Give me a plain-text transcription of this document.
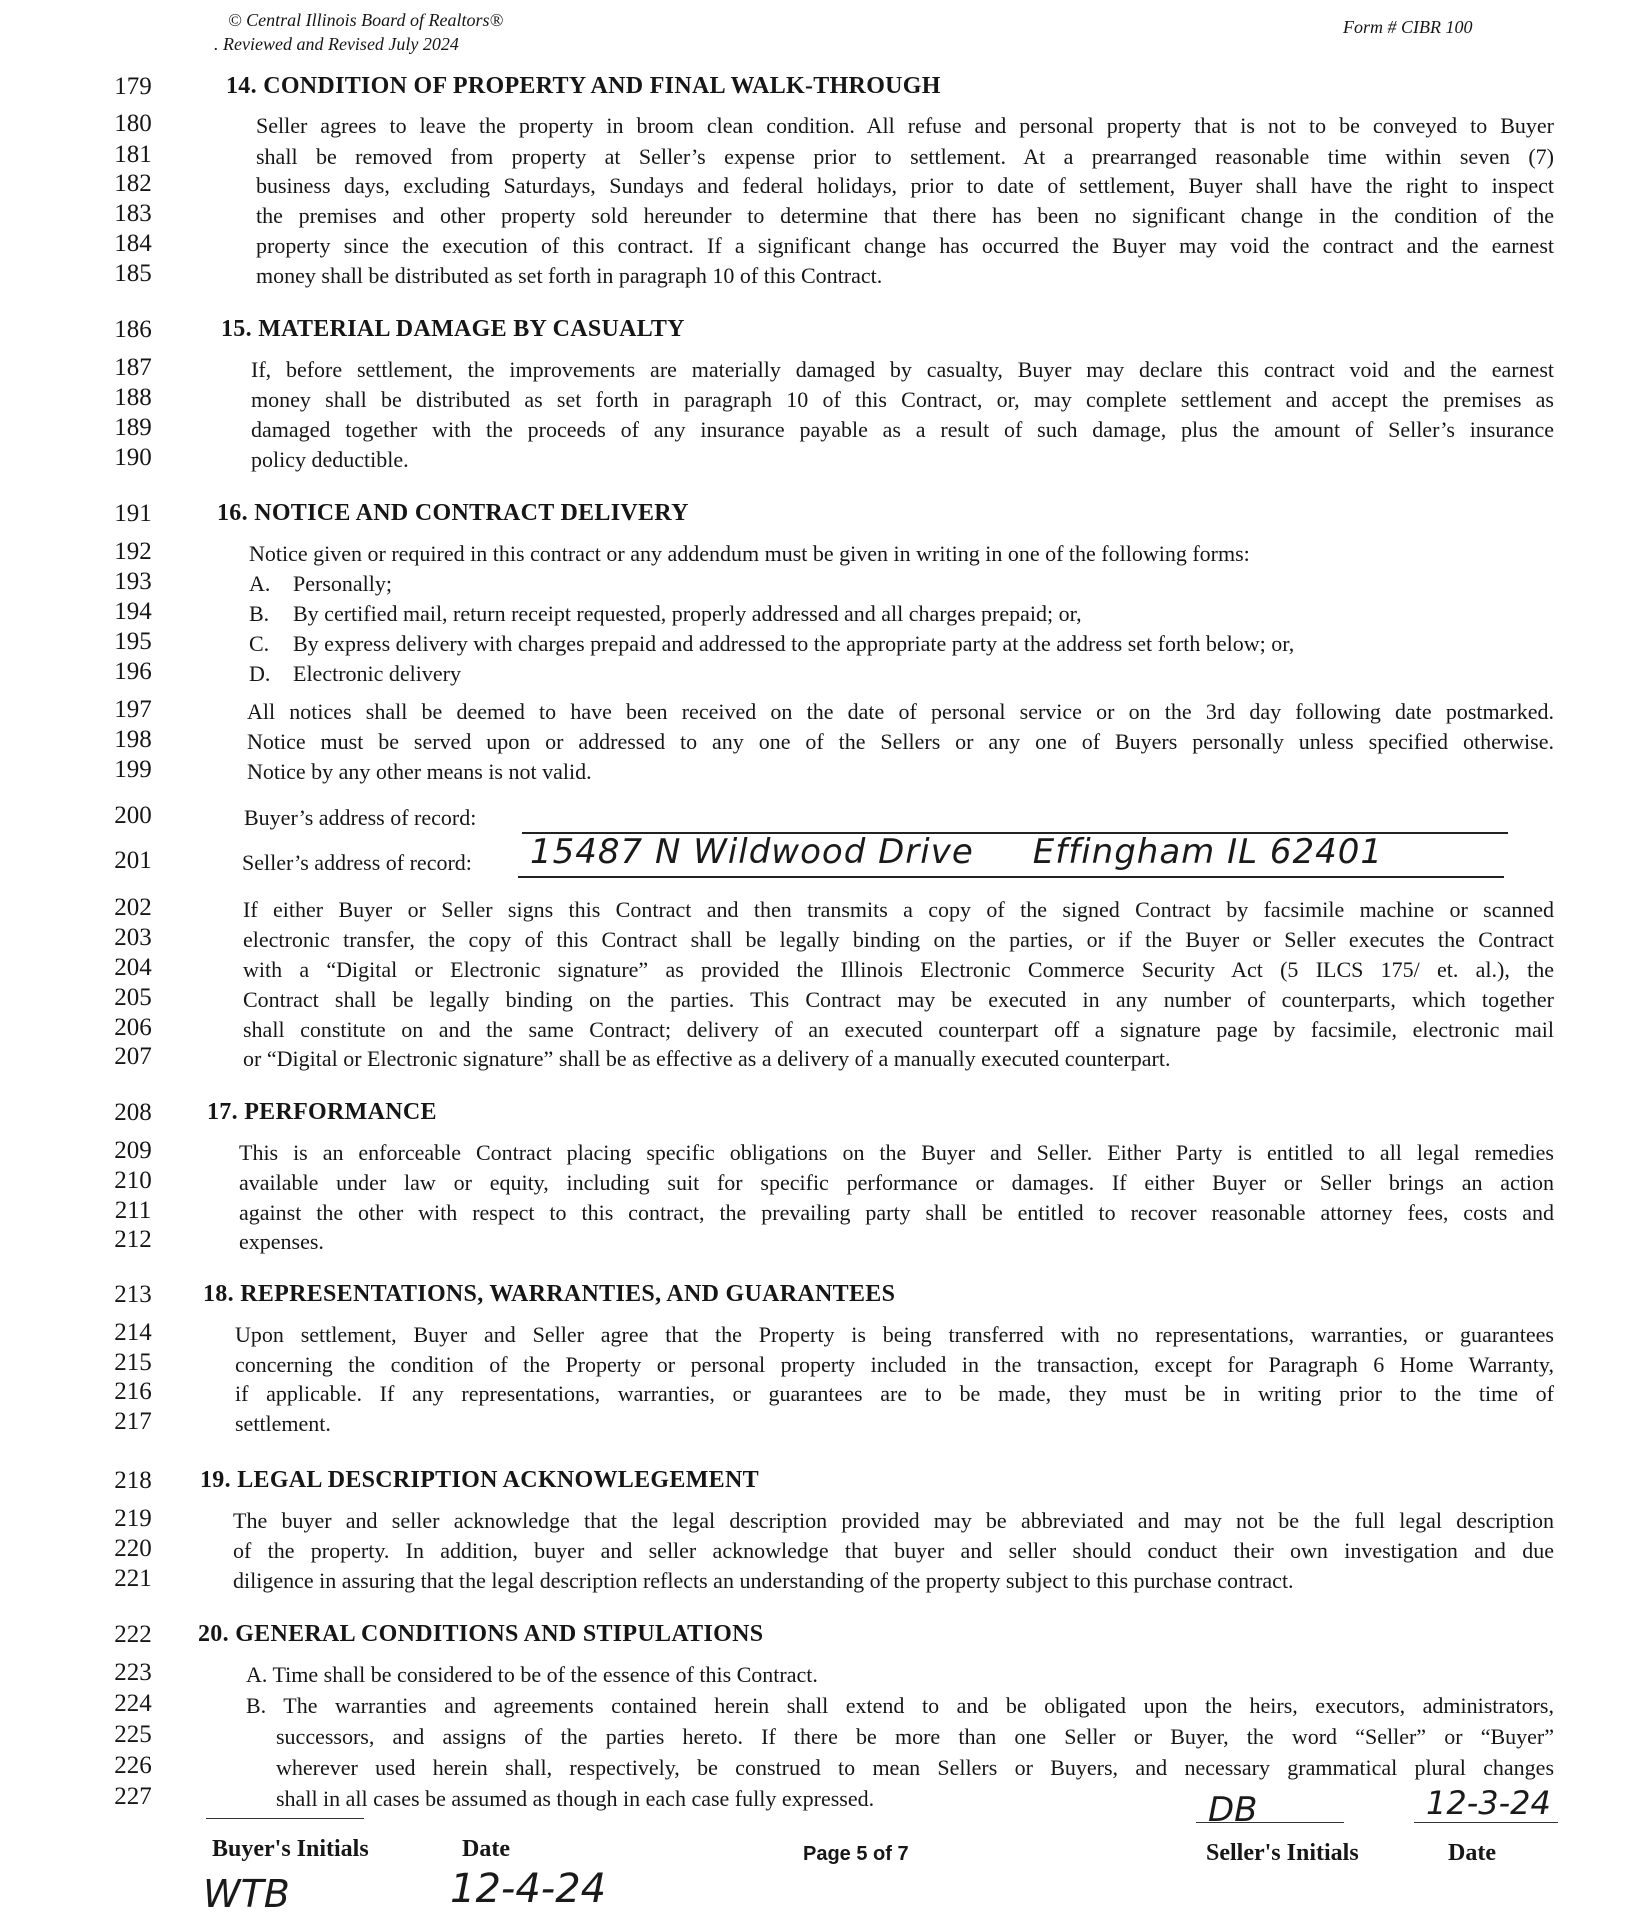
© Central Illinois Board of Realtors®
. Reviewed and Revised July 2024
Form # CIBR 100
179	14. CONDITION OF PROPERTY AND FINAL WALK-THROUGH
180	Seller agrees to leave the property in broom clean condition. All refuse and personal property that is not to be conveyed to Buyer
181	shall be removed from property at Seller’s expense prior to settlement. At a prearranged reasonable time within seven (7)
182	business days, excluding Saturdays, Sundays and federal holidays, prior to date of settlement, Buyer shall have the right to inspect
183	the premises and other property sold hereunder to determine that there has been no significant change in the condition of the
184	property since the execution of this contract. If a significant change has occurred the Buyer may void the contract and the earnest
185	money shall be distributed as set forth in paragraph 10 of this Contract.
186	15. MATERIAL DAMAGE BY CASUALTY
187	If, before settlement, the improvements are materially damaged by casualty, Buyer may declare this contract void and the earnest
188	money shall be distributed as set forth in paragraph 10 of this Contract, or, may complete settlement and accept the premises as
189	damaged together with the proceeds of any insurance payable as a result of such damage, plus the amount of Seller’s insurance
190	policy deductible.
191	16. NOTICE AND CONTRACT DELIVERY
192	Notice given or required in this contract or any addendum must be given in writing in one of the following forms:
193	A. Personally;
194	B. By certified mail, return receipt requested, properly addressed and all charges prepaid; or,
195	C. By express delivery with charges prepaid and addressed to the appropriate party at the address set forth below; or,
196	D. Electronic delivery
197	All notices shall be deemed to have been received on the date of personal service or on the 3rd day following date postmarked.
198	Notice must be served upon or addressed to any one of the Sellers or any one of Buyers personally unless specified otherwise.
199	Notice by any other means is not valid.
200	Buyer’s address of record:
201	Seller’s address of record: 15487 N Wildwood Drive     Effingham IL 62401
202	If either Buyer or Seller signs this Contract and then transmits a copy of the signed Contract by facsimile machine or scanned
203	electronic transfer, the copy of this Contract shall be legally binding on the parties, or if the Buyer or Seller executes the Contract
204	with a “Digital or Electronic signature” as provided the Illinois Electronic Commerce Security Act (5 ILCS 175/ et. al.), the
205	Contract shall be legally binding on the parties. This Contract may be executed in any number of counterparts, which together
206	shall constitute on and the same Contract; delivery of an executed counterpart off a signature page by facsimile, electronic mail
207	or “Digital or Electronic signature” shall be as effective as a delivery of a manually executed counterpart.
208 17. PERFORMANCE
209	This is an enforceable Contract placing specific obligations on the Buyer and Seller. Either Party is entitled to all legal remedies
210	available under law or equity, including suit for specific performance or damages. If either Buyer or Seller brings an action
211	against the other with respect to this contract, the prevailing party shall be entitled to recover reasonable attorney fees, costs and
212	expenses.
213 18. REPRESENTATIONS, WARRANTIES, AND GUARANTEES
214	Upon settlement, Buyer and Seller agree that the Property is being transferred with no representations, warranties, or guarantees
215	concerning the condition of the Property or personal property included in the transaction, except for Paragraph 6 Home Warranty,
216	if applicable. If any representations, warranties, or guarantees are to be made, they must be in writing prior to the time of
217	settlement.
218 19. LEGAL DESCRIPTION ACKNOWLEGEMENT
219	The buyer and seller acknowledge that the legal description provided may be abbreviated and may not be the full legal description
220	of the property. In addition, buyer and seller acknowledge that buyer and seller should conduct their own investigation and due
221	diligence in assuring that the legal description reflects an understanding of the property subject to this purchase contract.
222 20. GENERAL CONDITIONS AND STIPULATIONS
223	A. Time shall be considered to be of the essence of this Contract.
224	B. The warranties and agreements contained herein shall extend to and be obligated upon the heirs, executors, administrators,
225	successors, and assigns of the parties hereto. If there be more than one Seller or Buyer, the word “Seller” or “Buyer”
226	wherever used herein shall, respectively, be construed to mean Sellers or Buyers, and necessary grammatical plural changes
227	shall in all cases be assumed as though in each case fully expressed.
Buyer's Initials	Date	Page 5 of 7	Seller's Initials	Date
WTB	12-4-24
DB	12-3-24
